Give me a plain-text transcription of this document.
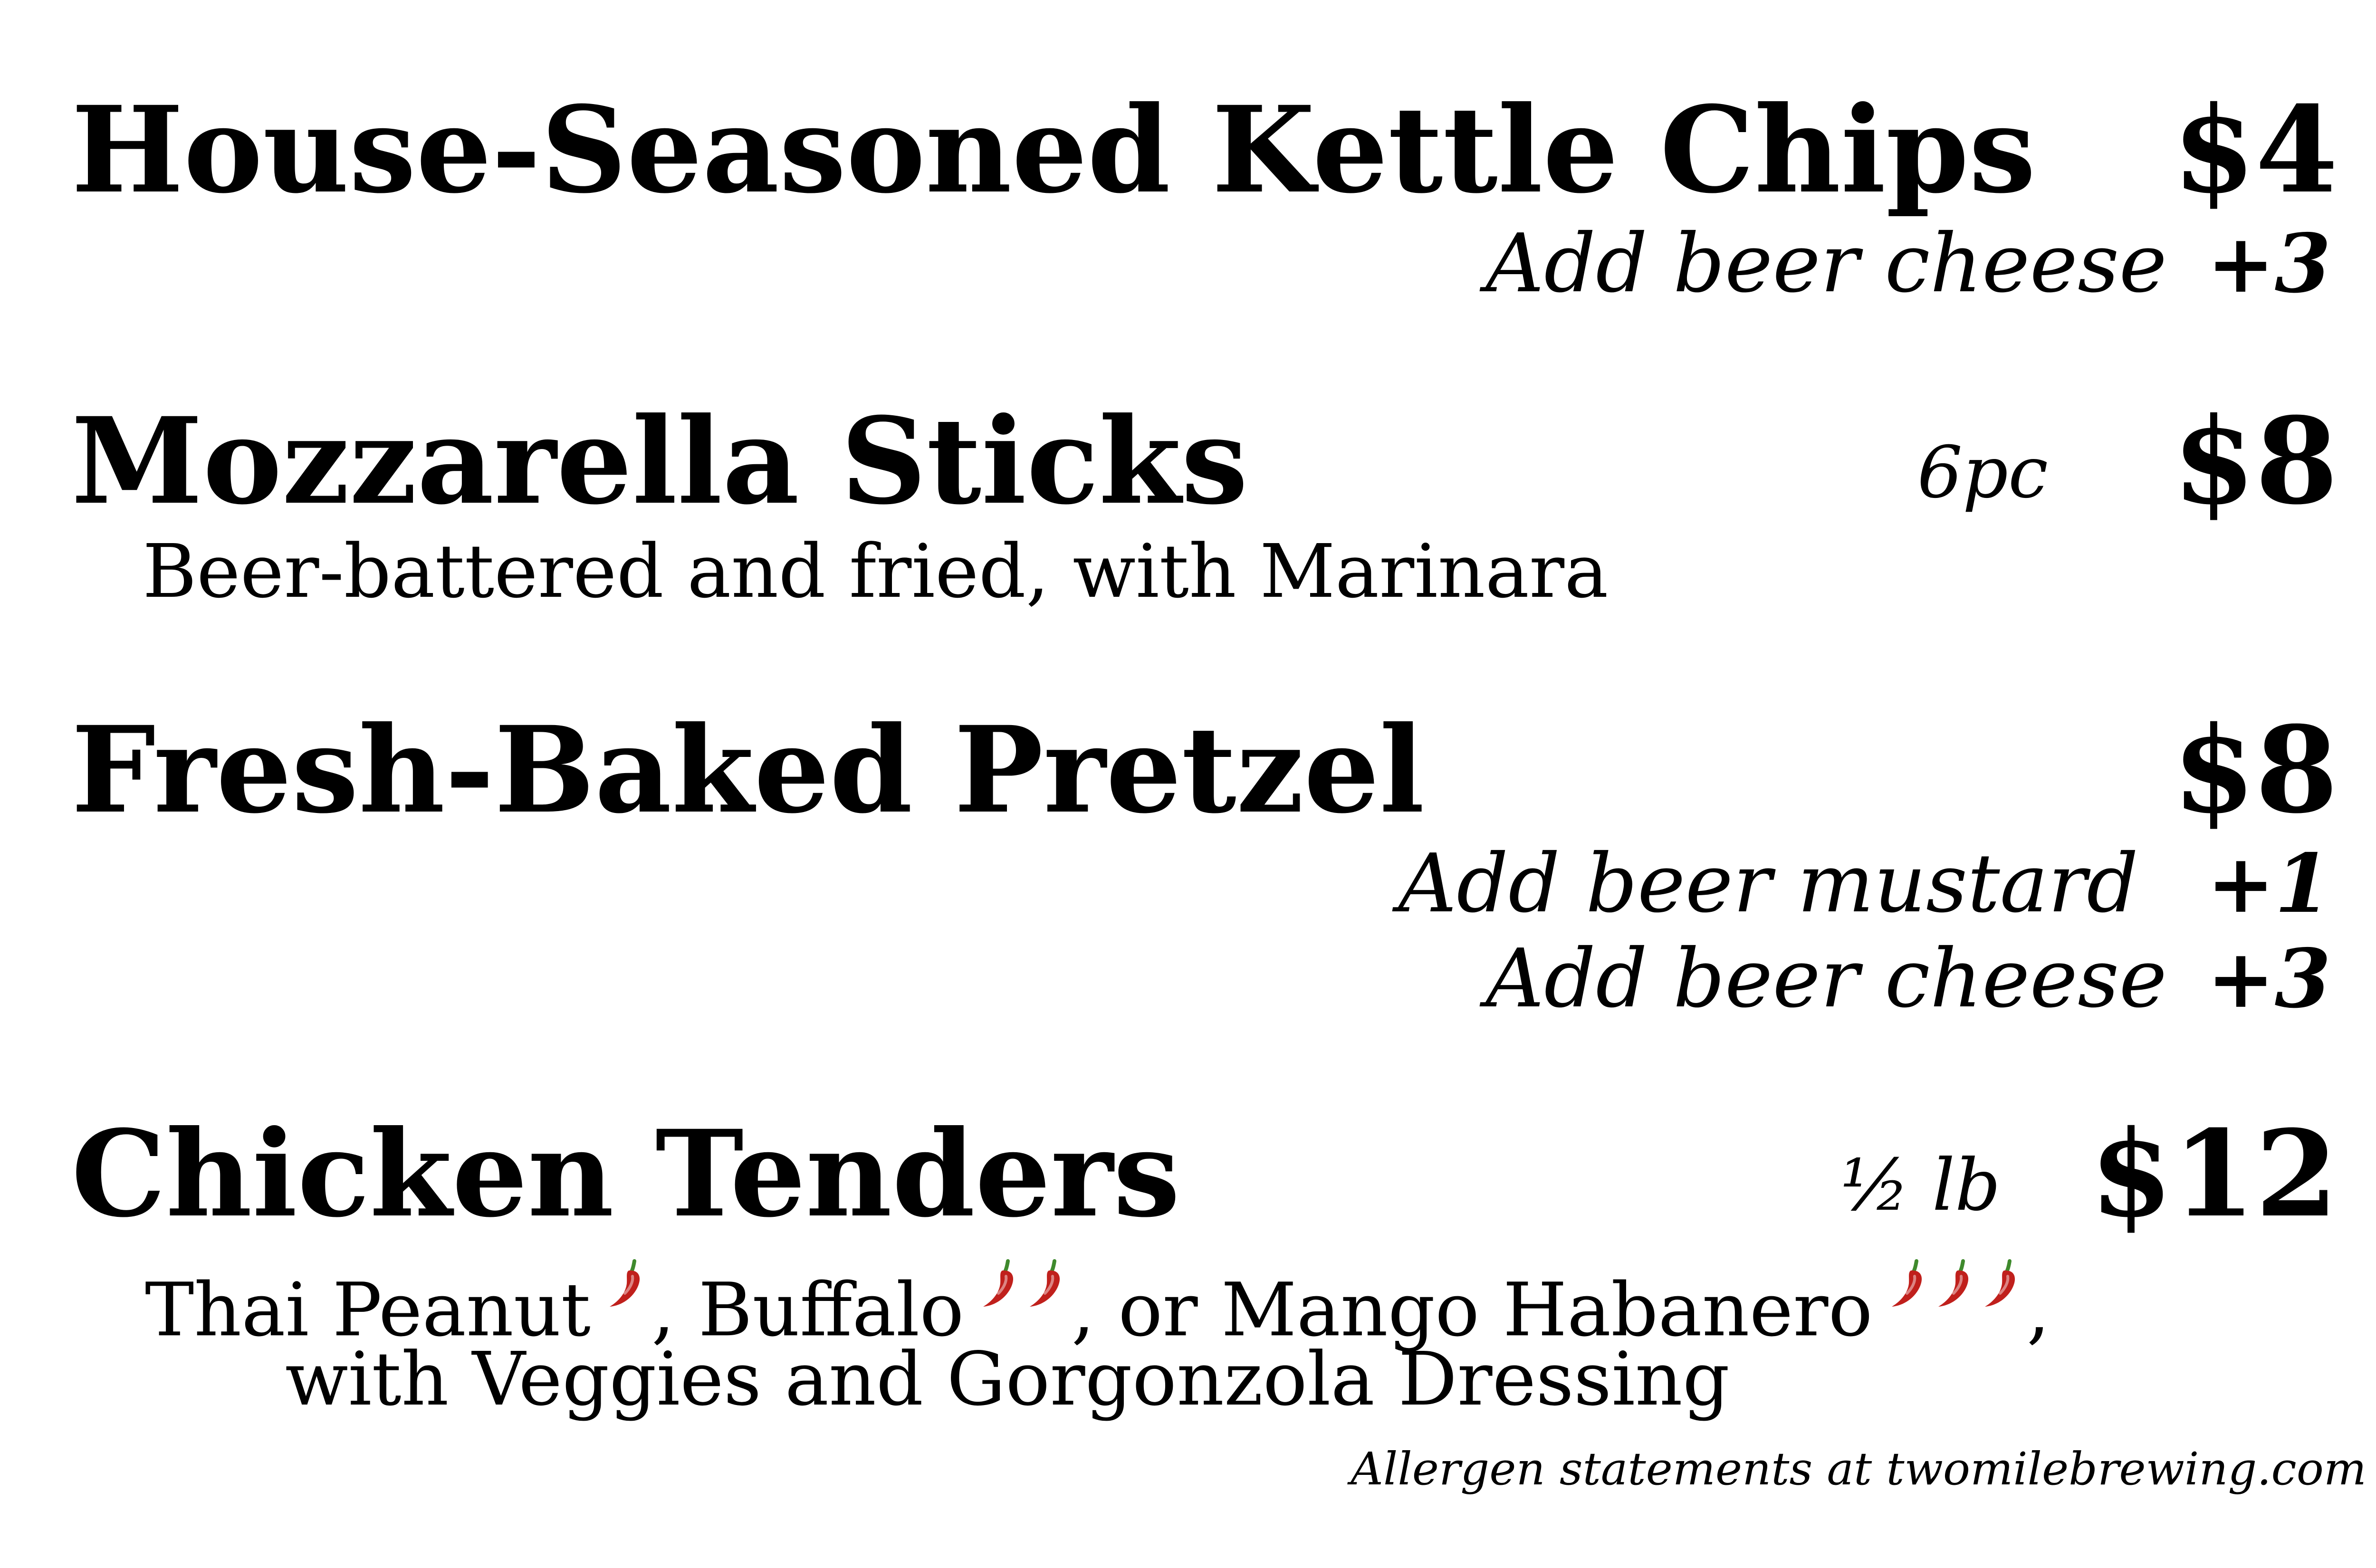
House-Seasoned Kettle Chips $4
Add beer cheese +3
Mozzarella Sticks	6pc $8
Beer-battered and fried, with Marinara
Fresh-Baked Pretzel	$8
Add beer mustard +1
Add beer cheese +3
Chicken Tenders	½ lb $12
Thai Peanut , Buffalo , or Mango Habanero ,
with Veggies and Gorgonzola Dressing
Allergen statements at twomilebrewing.com
